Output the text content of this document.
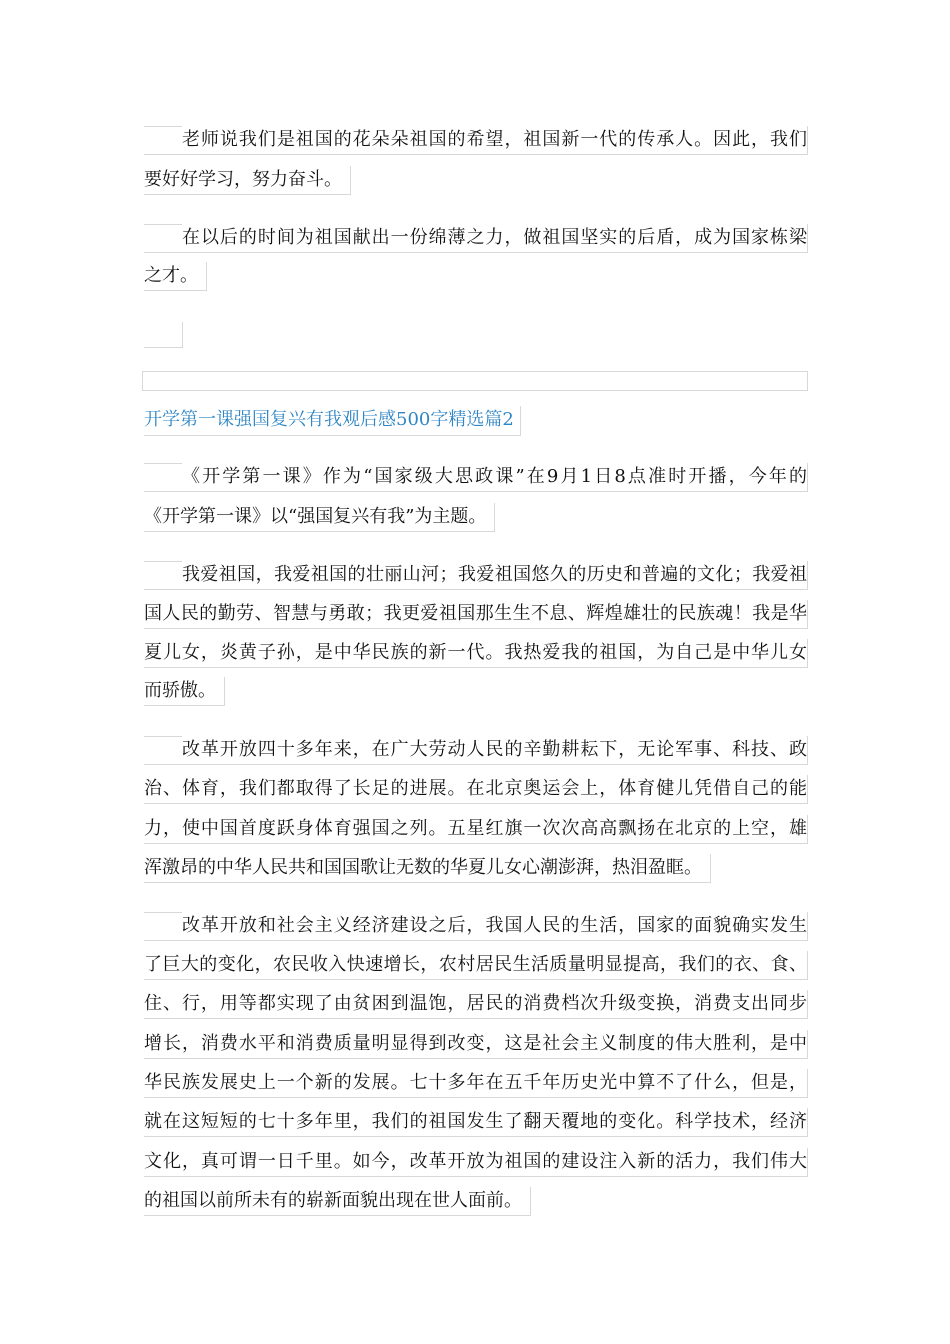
老师说我们是祖国的花朵朵祖国的希望，祖国新一代的传承人。因此，我们
要好好学习，努力奋斗。
在以后的时间为祖国献出一份绵薄之力，做祖国坚实的后盾，成为国家栋梁
之才。
开学第一课强国复兴有我观后感500字精选篇2
《开学第一课》作为“国家级大思政课”在9月1日8点准时开播，今年的
《开学第一课》以“强国复兴有我”为主题。
我爱祖国，我爱祖国的壮丽山河；我爱祖国悠久的历史和普遍的文化；我爱祖
国人民的勤劳、智慧与勇敢；我更爱祖国那生生不息、辉煌雄壮的民族魂！我是华
夏儿女，炎黄子孙，是中华民族的新一代。我热爱我的祖国，为自己是中华儿女
而骄傲。
改革开放四十多年来，在广大劳动人民的辛勤耕耘下，无论军事、科技、政
治、体育，我们都取得了长足的进展。在北京奥运会上，体育健儿凭借自己的能
力，使中国首度跃身体育强国之列。五星红旗一次次高高飘扬在北京的上空，雄
浑激昂的中华人民共和国国歌让无数的华夏儿女心潮澎湃，热泪盈眶。
改革开放和社会主义经济建设之后，我国人民的生活，国家的面貌确实发生
了巨大的变化，农民收入快速增长，农村居民生活质量明显提高，我们的衣、食、
住、行，用等都实现了由贫困到温饱，居民的消费档次升级变换，消费支出同步
增长，消费水平和消费质量明显得到改变，这是社会主义制度的伟大胜利，是中
华民族发展史上一个新的发展。七十多年在五千年历史光中算不了什么，但是，
就在这短短的七十多年里，我们的祖国发生了翻天覆地的变化。科学技术，经济
文化，真可谓一日千里。如今，改革开放为祖国的建设注入新的活力，我们伟大
的祖国以前所未有的崭新面貌出现在世人面前。
